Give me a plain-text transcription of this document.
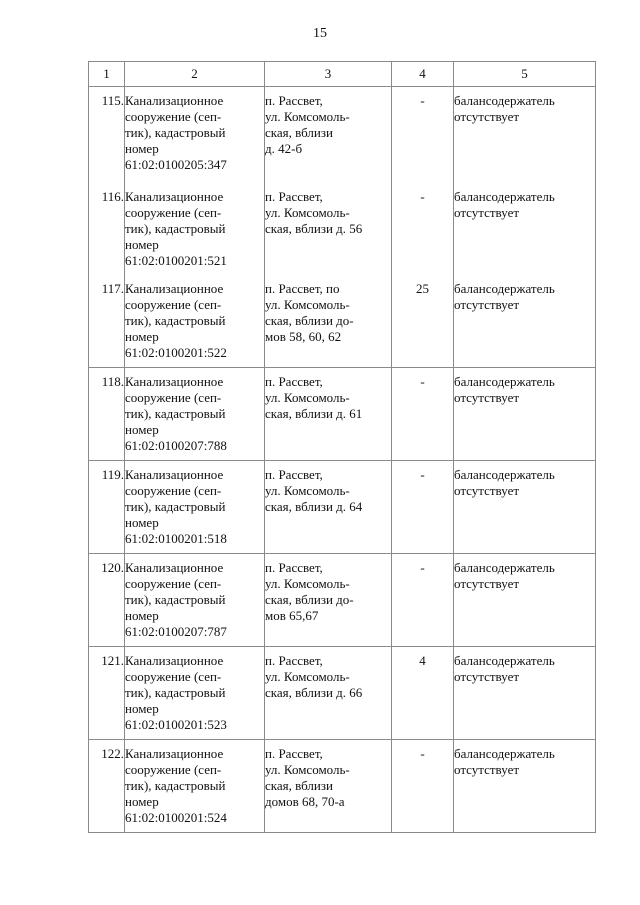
15
1	2	3	4	5
115.	Канализационное
сооружение (сеп-
тик), кадастровый
номер
61:02:0100205:347	п. Рассвет,
ул. Комсомоль-
ская, вблизи
д. 42-б	-	балансодержатель
отсутствует

116.	Канализационное
сооружение (сеп-
тик), кадастровый
номер
61:02:0100201:521	п. Рассвет,
ул. Комсомоль-
ская, вблизи д. 56	-	балансодержатель
отсутствует

117.	Канализационное
сооружение (сеп-
тик), кадастровый
номер
61:02:0100201:522	п. Рассвет, по
ул. Комсомоль-
ская, вблизи до-
мов 58, 60, 62	25	балансодержатель
отсутствует

118.	Канализационное
сооружение (сеп-
тик), кадастровый
номер
61:02:0100207:788	п. Рассвет,
ул. Комсомоль-
ская, вблизи д. 61	-	балансодержатель
отсутствует

119.	Канализационное
сооружение (сеп-
тик), кадастровый
номер
61:02:0100201:518	п. Рассвет,
ул. Комсомоль-
ская, вблизи д. 64	-	балансодержатель
отсутствует

120.	Канализационное
сооружение (сеп-
тик), кадастровый
номер
61:02:0100207:787	п. Рассвет,
ул. Комсомоль-
ская, вблизи до-
мов 65,67	-	балансодержатель
отсутствует

121.	Канализационное
сооружение (сеп-
тик), кадастровый
номер
61:02:0100201:523	п. Рассвет,
ул. Комсомоль-
ская, вблизи д. 66	4	балансодержатель
отсутствует

122.	Канализационное
сооружение (сеп-
тик), кадастровый
номер
61:02:0100201:524	п. Рассвет,
ул. Комсомоль-
ская, вблизи
домов 68, 70-а	-	балансодержатель
отсутствует
